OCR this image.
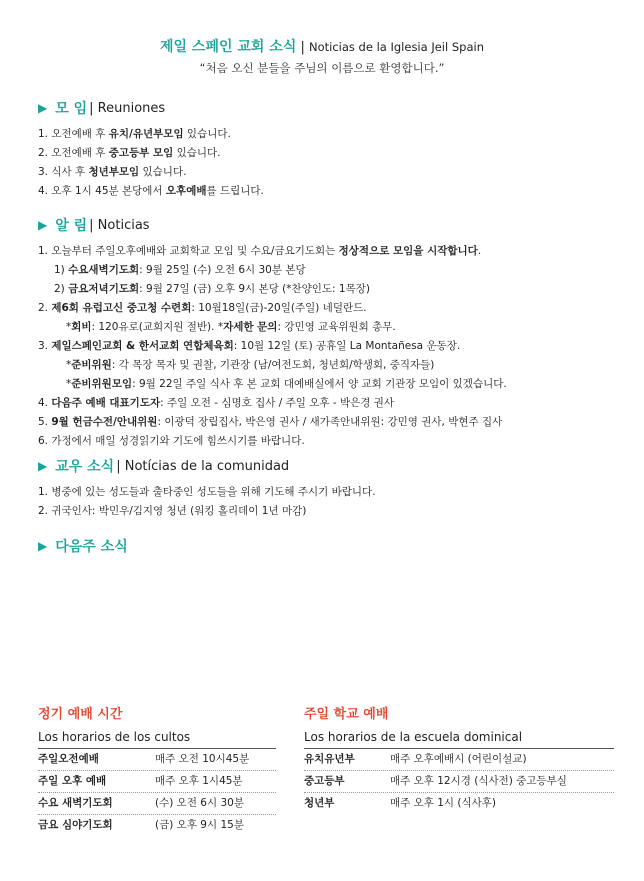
제일 스페인 교회 소식 | Noticias de la Iglesia Jeil Spain
“처음 오신 분들을 주님의 이름으로 환영합니다.”
▶ 모 임 | Reuniones
1. 오전예배 후 유치/유년부모임 있습니다.
2. 오전예배 후 중고등부 모임 있습니다.
3. 식사 후 청년부모임 있습니다.
4. 오후 1시 45분 본당에서 오후예배를 드립니다.
▶ 알 림 | Noticias
1. 오늘부터 주일오후예배와 교회학교 모임 및 수요/금요기도회는 정상적으로 모임을 시작합니다.
1) 수요새벽기도회: 9월 25일 (수) 오전 6시 30분 본당
2) 금요저녁기도회: 9월 27일 (금) 오후 9시 본당 (*찬양인도: 1목장)
2. 제6회 유럽고신 중고청 수련회: 10월18일(금)-20일(주일) 네덜란드.
*회비: 120유로(교회지원 절반). *자세한 문의: 강민영 교육위원회 총무.
3. 제일스페인교회 & 한서교회 연합체육회: 10월 12일 (토) 공휴일 La Montañesa 운동장.
*준비위원: 각 목장 목자 및 권찰, 기관장 (남/여전도회, 청년회/학생회, 중직자들)
*준비위원모임: 9월 22일 주일 식사 후 본 교회 대예배실에서 양 교회 기관장 모임이 있겠습니다.
4. 다음주 예배 대표기도자: 주일 오전 - 심명호 집사 / 주일 오후 - 박은경 권사
5. 9월 헌금수전/안내위원: 이광덕 장립집사, 박은영 권사 / 새가족안내위원: 강민영 권사, 박현주 집사
6. 가정에서 매일 성경읽기와 기도에 힘쓰시기를 바랍니다.
▶ 교우 소식 | Notícias de la comunidad
1. 병중에 있는 성도들과 출타중인 성도들을 위해 기도해 주시기 바랍니다.
2. 귀국인사: 박민우/김지영 청년 (워킹 홀리데이 1년 마감)
▶ 다음주 소식
정기 예배 시간
Los horarios de los cultos
주일오전예배	매주 오전 10시45분
주일 오후 예배	매주 오후 1시45분
수요 새벽기도회	(수) 오전 6시 30분
금요 심야기도회	(금) 오후 9시 15분
주일 학교 예배
Los horarios de la escuela dominical
유치유년부	매주 오후예배시 (어린이설교)
중고등부	매주 오후 12시경 (식사전) 중고등부실
청년부	매주 오후 1시 (식사후)
